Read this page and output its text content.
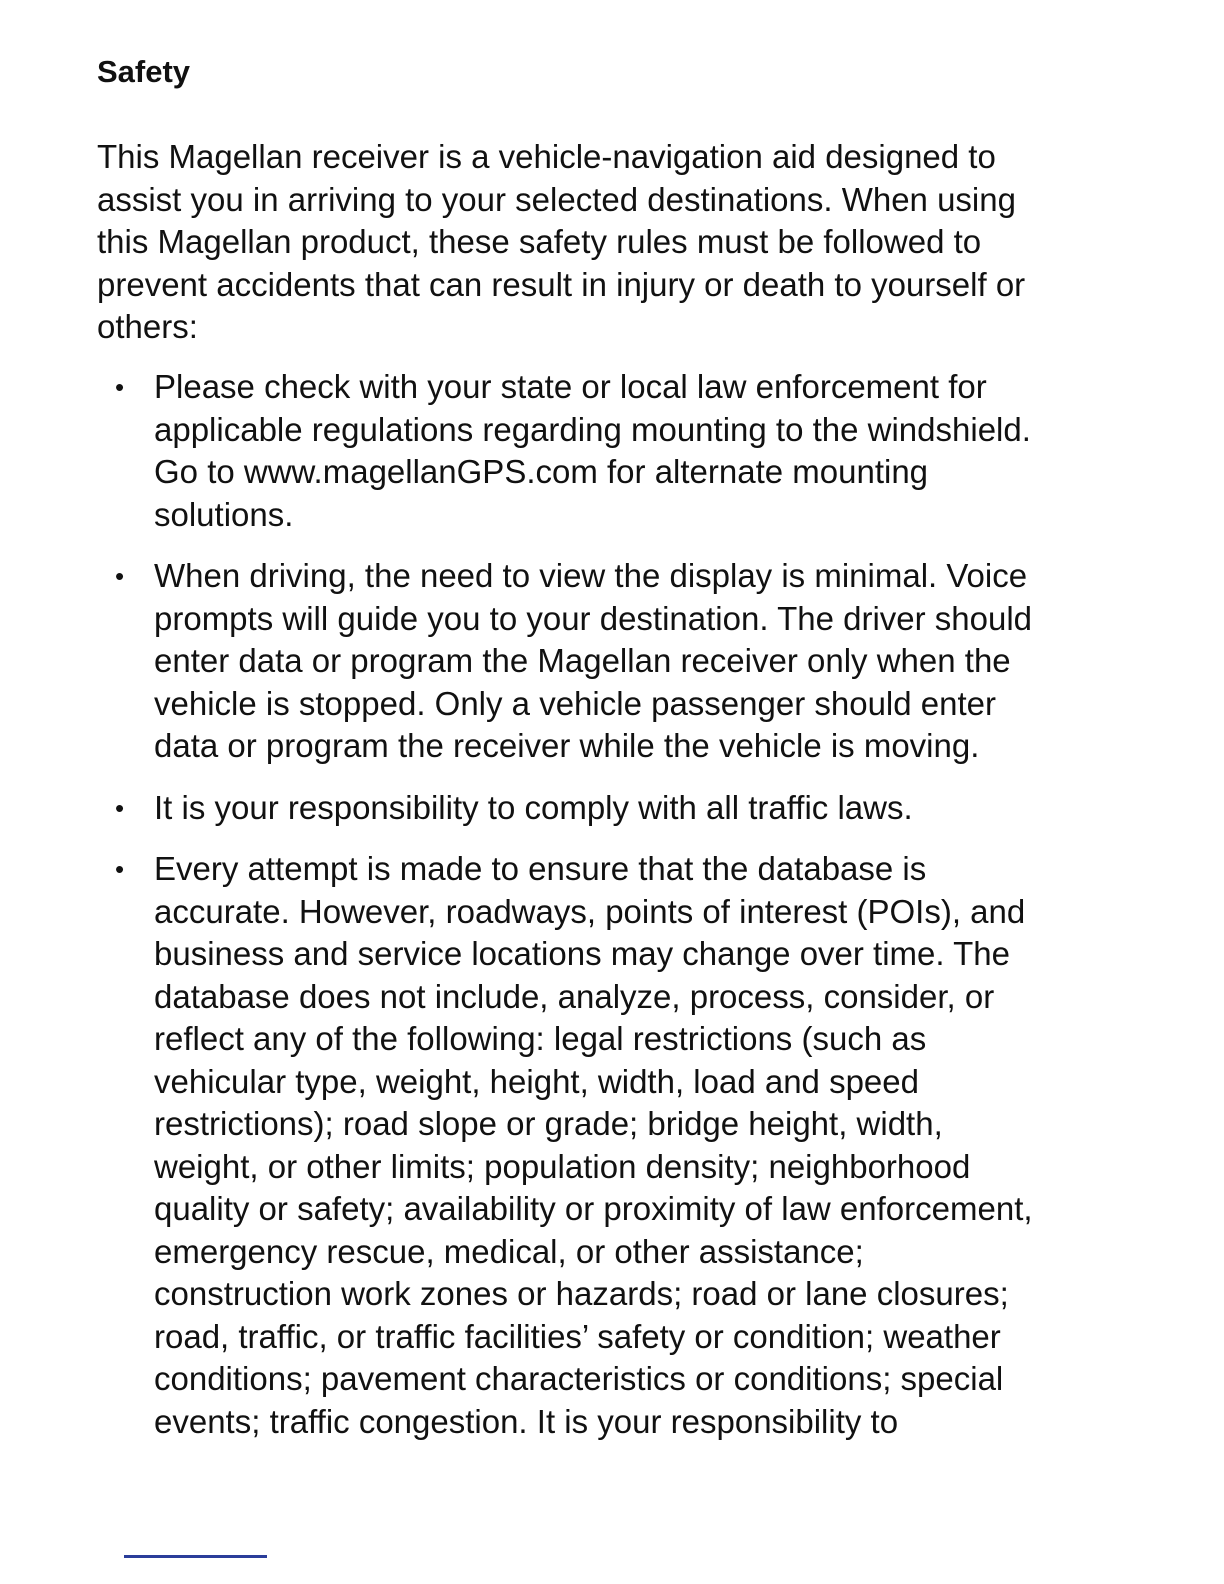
Safety

This Magellan receiver is a vehicle-navigation aid designed to
assist you in arriving to your selected destinations. When using
this Magellan product, these safety rules must be followed to
prevent accidents that can result in injury or death to yourself or
others:

• Please check with your state or local law enforcement for
applicable regulations regarding mounting to the windshield.
Go to www.magellanGPS.com for alternate mounting
solutions.
• When driving, the need to view the display is minimal. Voice
prompts will guide you to your destination. The driver should
enter data or program the Magellan receiver only when the
vehicle is stopped. Only a vehicle passenger should enter
data or program the receiver while the vehicle is moving.
• It is your responsibility to comply with all traffic laws.
• Every attempt is made to ensure that the database is
accurate. However, roadways, points of interest (POIs), and
business and service locations may change over time. The
database does not include, analyze, process, consider, or
reflect any of the following: legal restrictions (such as
vehicular type, weight, height, width, load and speed
restrictions); road slope or grade; bridge height, width,
weight, or other limits; population density; neighborhood
quality or safety; availability or proximity of law enforcement,
emergency rescue, medical, or other assistance;
construction work zones or hazards; road or lane closures;
road, traffic, or traffic facilities’ safety or condition; weather
conditions; pavement characteristics or conditions; special
events; traffic congestion. It is your responsibility to
